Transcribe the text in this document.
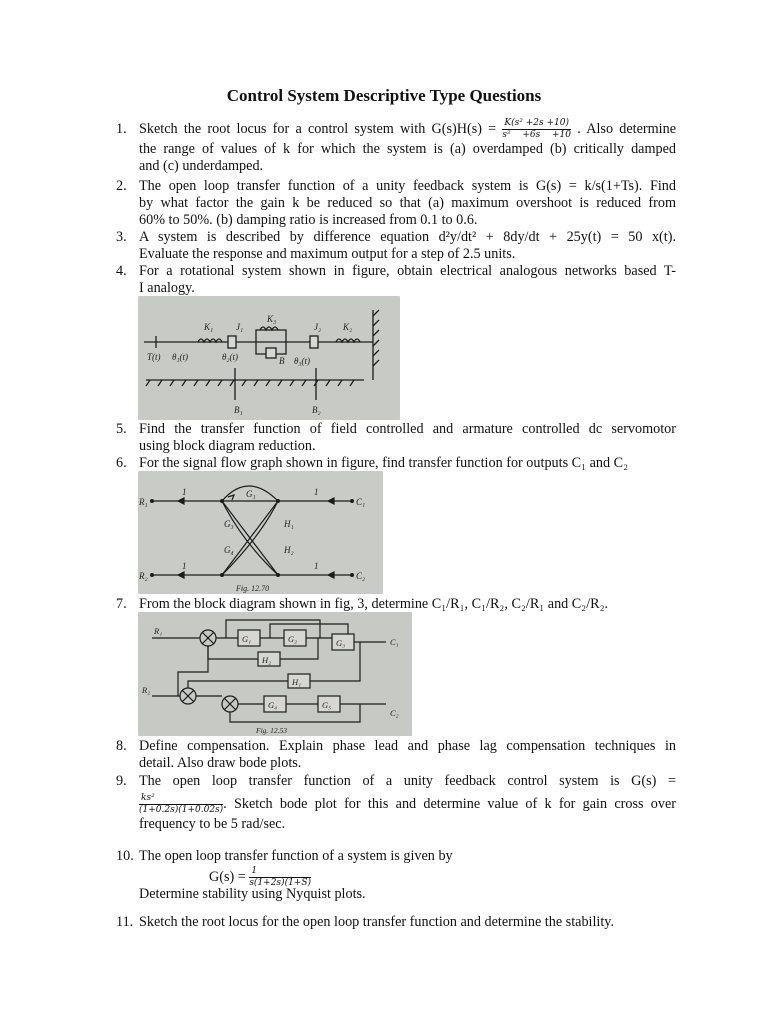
Control System Descriptive Type Questions
1. Sketch the root locus for a control system with $G(s)H(s) = \frac{\text{K(s² +2s +10)}}{\text{s² +6s +10}}$ . Also determine
the range of values of k for which the system is (a) overdamped (b) critically damped
and (c) underdamped.
2. The open loop transfer function of a unity feedback system is G(s) = k/s(1+Ts). Find
by what factor the gain k be reduced so that (a) maximum overshoot is reduced from
60% to 50%. (b) damping ratio is increased from 0.1 to 0.6.
3. A system is described by difference equation d²y/dt² + 8dy/dt + 25y(t) = 50 x(t).
Evaluate the response and maximum output for a step of 2.5 units.
4. For a rotational system shown in figure, obtain electrical analogous networks based T-
I analogy.
K₁	J₁
K₃
J₂ K₂
T(t) θ₁(t)	θ₂(t)	B θ₃(t)
B₁	B₂
5. Find the transfer function of field controlled and armature controlled dc servomotor
using block diagram reduction.
6. For the signal flow graph shown in figure, find transfer function for outputs C₁ and C₂
R₁
1	G₁	1
C₁
G₃	H₁
G₄	H₂
R₂
1	1
C₂
Fig. 12.70
7. From the block diagram shown in fig, 3, determine C₁/R₁, C₁/R₂, C₂/R₁ and C₂/R₂.
R₁
G₁	G₂	G₃	C₁
H₂
H₁
R₂
G₄	G₅
C₂
Fig. 12.53
8. Define compensation. Explain phase lead and phase lag compensation techniques in
detail. Also draw bode plots.
9. The open loop transfer function of a unity feedback control system is G(s) =
$\frac{\text{ks²}}{(1+0.2s)(1+0.02s)}$ . Sketch bode plot for this and determine value of k for gain cross over
frequency to be 5 rad/sec.
10. The open loop transfer function of a system is given by
$G(s) = \frac{1}{s(1+2s)(1+S)}$
Determine stability using Nyquist plots.
11. Sketch the root locus for the open loop transfer function and determine the stability.
